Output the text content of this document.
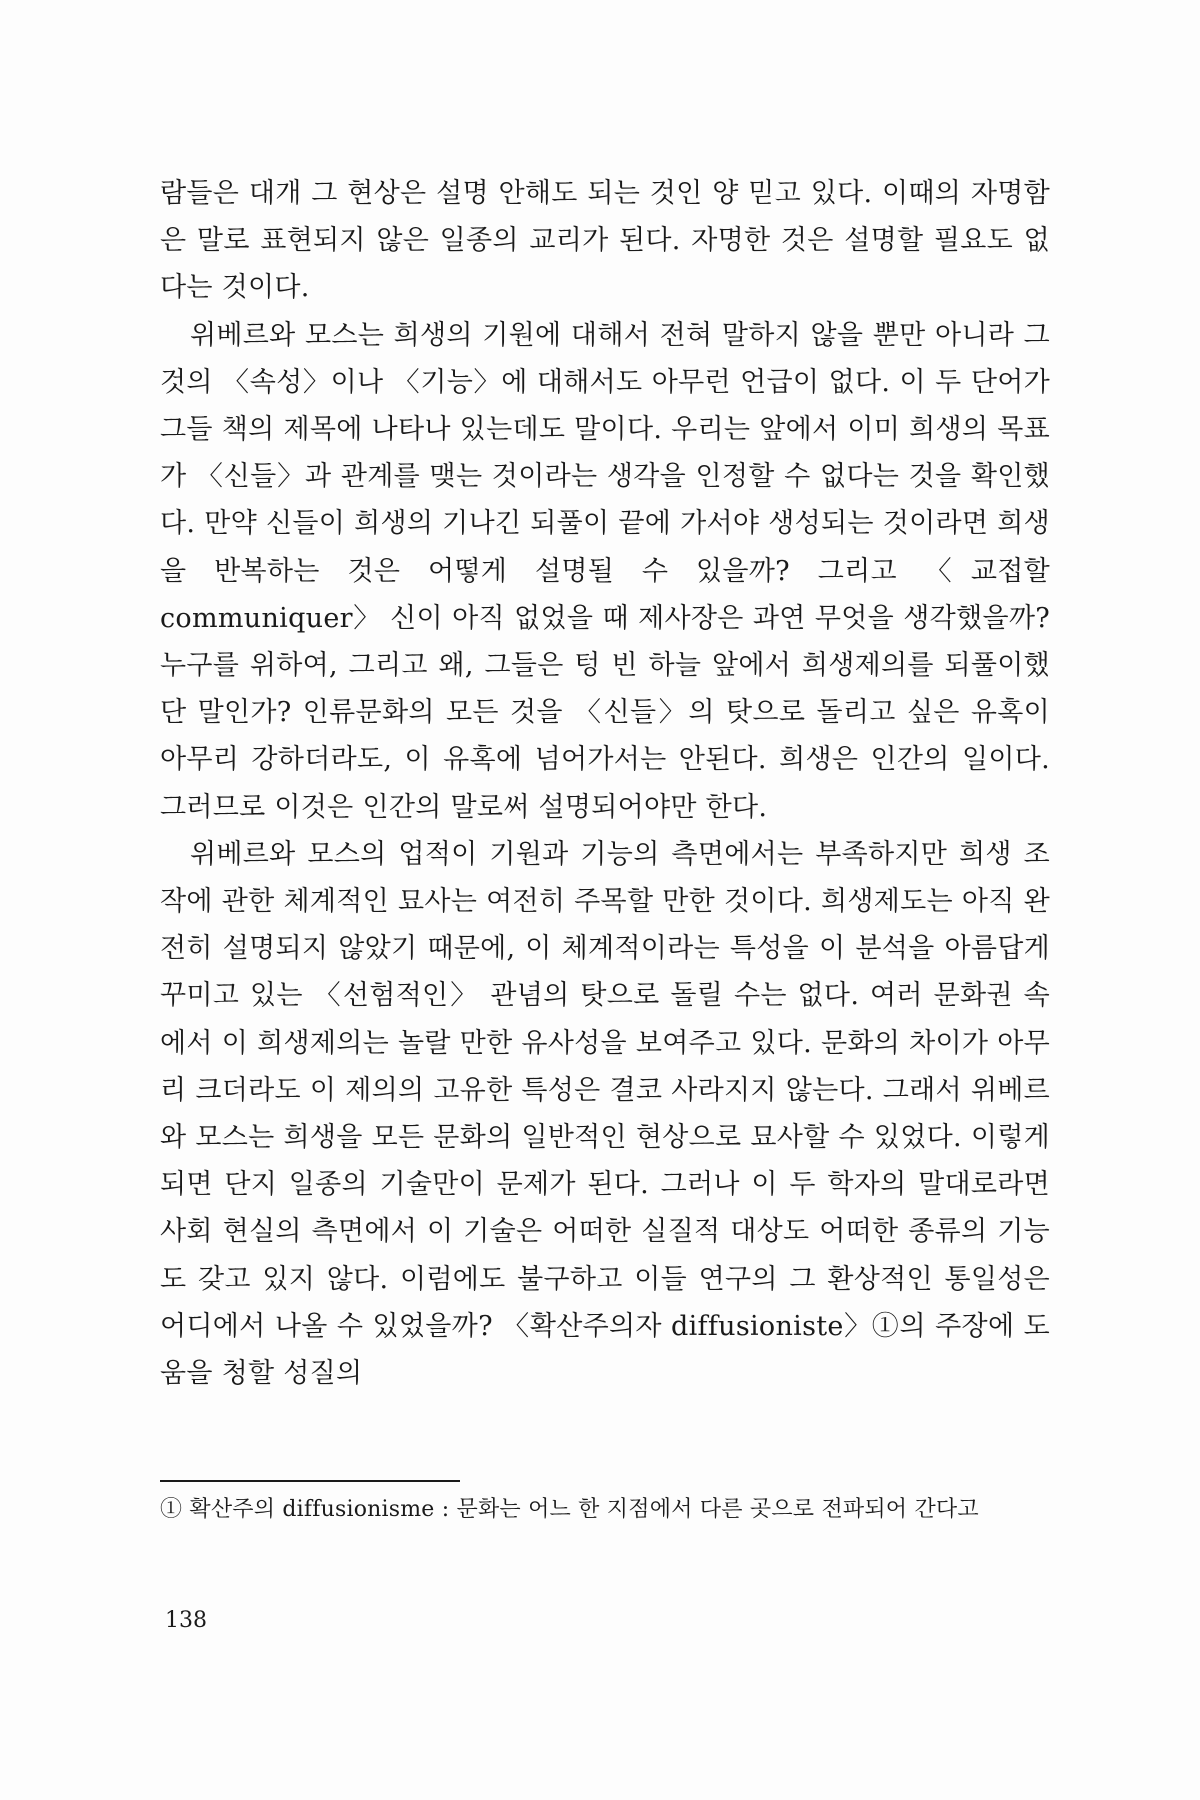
람들은 대개 그 현상은 설명 안해도 되는 것인 양 믿고 있다. 이때의 자명함은 말로 표현되지 않은 일종의 교리가 된다. 자명한 것은 설명할 필요도 없다는 것이다.

위베르와 모스는 희생의 기원에 대해서 전혀 말하지 않을 뿐만 아니라 그것의 〈속성〉이나 〈기능〉에 대해서도 아무런 언급이 없다. 이 두 단어가 그들 책의 제목에 나타나 있는데도 말이다. 우리는 앞에서 이미 희생의 목표가 〈신들〉과 관계를 맺는 것이라는 생각을 인정할 수 없다는 것을 확인했다. 만약 신들이 희생의 기나긴 되풀이 끝에 가서야 생성되는 것이라면 희생을 반복하는 것은 어떻게 설명될 수 있을까? 그리고 〈교접할 communiquer〉 신이 아직 없었을 때 제사장은 과연 무엇을 생각했을까? 누구를 위하여, 그리고 왜, 그들은 텅 빈 하늘 앞에서 희생제의를 되풀이했단 말인가? 인류문화의 모든 것을 〈신들〉의 탓으로 돌리고 싶은 유혹이 아무리 강하더라도, 이 유혹에 넘어가서는 안된다. 희생은 인간의 일이다. 그러므로 이것은 인간의 말로써 설명되어야만 한다.

위베르와 모스의 업적이 기원과 기능의 측면에서는 부족하지만 희생 조작에 관한 체계적인 묘사는 여전히 주목할 만한 것이다. 희생제도는 아직 완전히 설명되지 않았기 때문에, 이 체계적이라는 특성을 이 분석을 아름답게 꾸미고 있는 〈선험적인〉 관념의 탓으로 돌릴 수는 없다. 여러 문화권 속에서 이 희생제의는 놀랄 만한 유사성을 보여주고 있다. 문화의 차이가 아무리 크더라도 이 제의의 고유한 특성은 결코 사라지지 않는다. 그래서 위베르와 모스는 희생을 모든 문화의 일반적인 현상으로 묘사할 수 있었다. 이렇게 되면 단지 일종의 기술만이 문제가 된다. 그러나 이 두 학자의 말대로라면 사회 현실의 측면에서 이 기술은 어떠한 실질적 대상도 어떠한 종류의 기능도 갖고 있지 않다. 이럼에도 불구하고 이들 연구의 그 환상적인 통일성은 어디에서 나올 수 있었을까? 〈확산주의자 diffusioniste〉①의 주장에 도움을 청할 성질의

① 확산주의 diffusionisme : 문화는 어느 한 지점에서 다른 곳으로 전파되어 간다고
138
